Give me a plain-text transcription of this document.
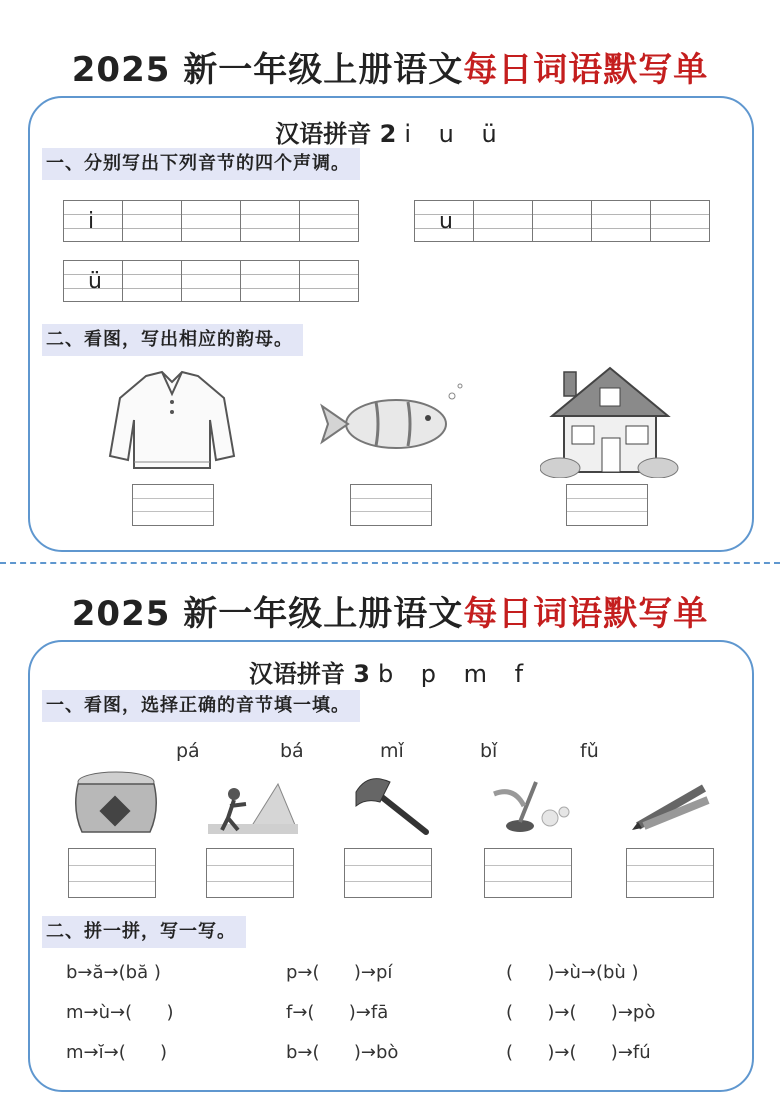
2025 新一年级上册语文每日词语默写单
汉语拼音 2 i u ü
一、分别写出下列音节的四个声调。
i	u
ü
二、看图，写出相应的韵母。
2025 新一年级上册语文每日词语默写单
汉语拼音 3 b p m f
一、看图，选择正确的音节填一填。
pá	bá	mǐ	bǐ	fǔ
二、拼一拼，写一写。
b→ă→(bă )	p→(      )→pí	(      )→ù→(bù )
m→ù→(      )	f→(      )→fā	(      )→(      )→pò
m→ĭ→(      )	b→(      )→bò	(      )→(      )→fú
